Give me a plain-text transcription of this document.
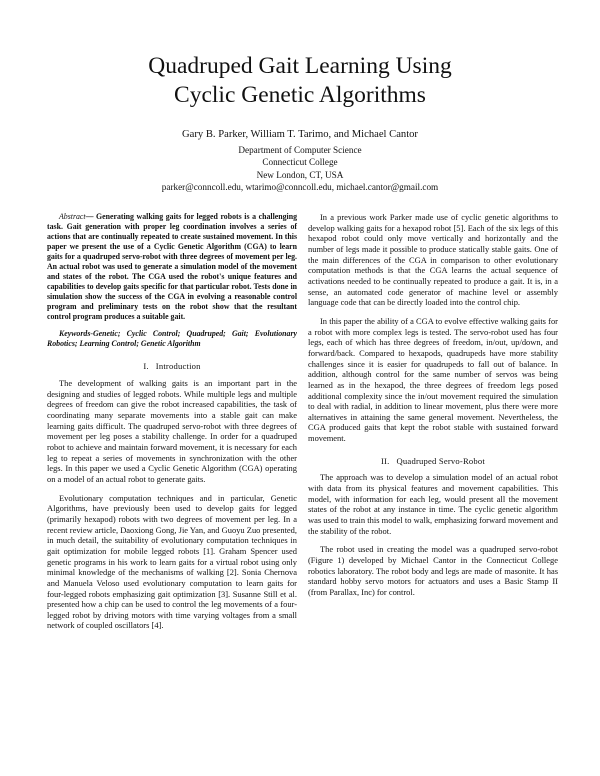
Quadruped Gait Learning Using
Cyclic Genetic Algorithms
Gary B. Parker, William T. Tarimo, and Michael Cantor
Department of Computer Science
Connecticut College
New London, CT, USA
parker@conncoll.edu, wtarimo@conncoll.edu, michael.cantor@gmail.com

Abstract— Generating walking gaits for legged robots is a challenging task. Gait generation with proper leg coordination involves a series of actions that are continually repeated to create sustained movement. In this paper we present the use of a Cyclic Genetic Algorithm (CGA) to learn gaits for a quadruped servo-robot with three degrees of movement per leg. An actual robot was used to generate a simulation model of the movement and states of the robot. The CGA used the robot's unique features and capabilities to develop gaits specific for that particular robot. Tests done in simulation show the success of the CGA in evolving a reasonable control program and preliminary tests on the robot show that the resultant control program produces a suitable gait.

Keywords-Genetic; Cyclic Control; Quadruped; Gait; Evolutionary Robotics; Learning Control; Genetic Algorithm

I. Introduction

The development of walking gaits is an important part in the designing and studies of legged robots. While multiple legs and multiple degrees of freedom can give the robot increased capabilities, the task of coordinating many separate movements into a stable gait can make learning gaits difficult. The quadruped servo-robot with three degrees of movement per leg poses a stability challenge. In order for a quadruped robot to achieve and maintain forward movement, it is necessary for each leg to repeat a series of movements in synchronization with the other legs. In this paper we used a Cyclic Genetic Algorithm (CGA) operating on a model of an actual robot to generate gaits.

Evolutionary computation techniques and in particular, Genetic Algorithms, have previously been used to develop gaits for legged (primarily hexapod) robots with two degrees of movement per leg. In a recent review article, Daoxiong Gong, Jie Yan, and Guoyu Zuo presented, in much detail, the suitability of evolutionary computation techniques in gait optimization for mobile legged robots [1]. Graham Spencer used genetic programs in his work to learn gaits for a virtual robot using only minimal knowledge of the mechanisms of walking [2]. Sonia Chernova and Manuela Veloso used evolutionary computation to learn gaits for four-legged robots emphasizing gait optimization [3]. Susanne Still et al. presented how a chip can be used to control the leg movements of a four-legged robot by driving motors with time varying voltages from a small network of coupled oscillators [4].

In a previous work Parker made use of cyclic genetic algorithms to develop walking gaits for a hexapod robot [5]. Each of the six legs of this hexapod robot could only move vertically and horizontally and the number of legs made it possible to produce statically stable gaits. One of the main differences of the CGA in comparison to other evolutionary computation methods is that the CGA learns the actual sequence of activations needed to be continually repeated to produce a gait. It is, in a sense, an automated code generator of machine level or assembly language code that can be directly loaded into the control chip.

In this paper the ability of a CGA to evolve effective walking gaits for a robot with more complex legs is tested. The servo-robot used has four legs, each of which has three degrees of freedom, in/out, up/down, and forward/back. Compared to hexapods, quadrupeds have more stability challenges since it is easier for quadrupeds to fall out of balance. In addition, although control for the same number of servos was being learned as in the hexapod, the three degrees of freedom legs posed additional complexity since the in/out movement required the simulation to deal with radial, in addition to linear movement, plus there were more alternatives in attaining the same general movement. Nevertheless, the CGA produced gaits that kept the robot stable with sustained forward movement.

II. Quadruped Servo-Robot

The approach was to develop a simulation model of an actual robot with data from its physical features and movement capabilities. This model, with information for each leg, would present all the movement states of the robot at any instance in time. The cyclic genetic algorithm was used to train this model to walk, emphasizing forward movement and the stability of the robot.

The robot used in creating the model was a quadruped servo-robot (Figure 1) developed by Michael Cantor in the Connecticut College robotics laboratory. The robot body and legs are made of masonite. It has standard hobby servo motors for actuators and uses a Basic Stamp II (from Parallax, Inc) for control.
